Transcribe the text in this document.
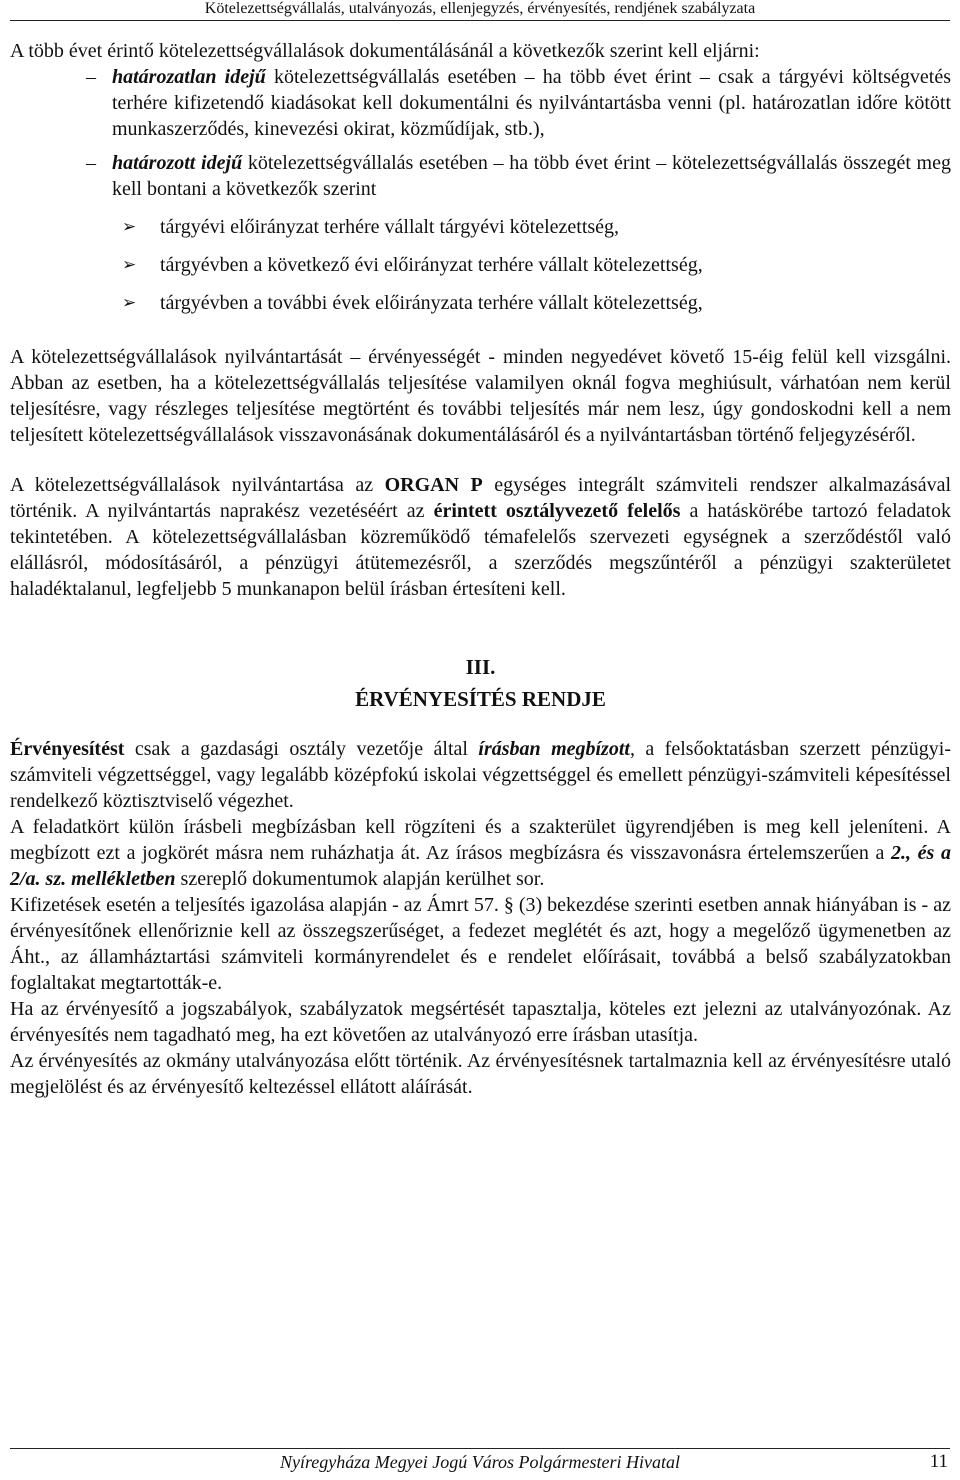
Kötelezettségvállalás, utalványozás, ellenjegyzés, érvényesítés, rendjének szabályzata

A több évet érintő kötelezettségvállalások dokumentálásánál a következők szerint kell eljárni:

– határozatlan idejű kötelezettségvállalás esetében – ha több évet érint – csak a tárgyévi költségvetés terhére kifizetendő kiadásokat kell dokumentálni és nyilvántartásba venni (pl. határozatlan időre kötött munkaszerződés, kinevezési okirat, közműdíjak, stb.),
– határozott idejű kötelezettségvállalás esetében – ha több évet érint – kötelezettségvállalás összegét meg kell bontani a következők szerint
➢ tárgyévi előirányzat terhére vállalt tárgyévi kötelezettség,
➢ tárgyévben a következő évi előirányzat terhére vállalt kötelezettség,
➢ tárgyévben a további évek előirányzata terhére vállalt kötelezettség,

A kötelezettségvállalások nyilvántartását – érvényességét - minden negyedévet követő 15-éig felül kell vizsgálni. Abban az esetben, ha a kötelezettségvállalás teljesítése valamilyen oknál fogva meghiúsult, várhatóan nem kerül teljesítésre, vagy részleges teljesítése megtörtént és további teljesítés már nem lesz, úgy gondoskodni kell a nem teljesített kötelezettségvállalások visszavonásának dokumentálásáról és a nyilvántartásban történő feljegyzéséről.

A kötelezettségvállalások nyilvántartása az ORGAN P egységes integrált számviteli rendszer alkalmazásával történik. A nyilvántartás naprakész vezetéséért az érintett osztályvezető felelős a hatáskörébe tartozó feladatok tekintetében. A kötelezettségvállalásban közreműködő témafelelős szervezeti egységnek a szerződéstől való elállásról, módosításáról, a pénzügyi átütemezésről, a szerződés megszűntéről a pénzügyi szakterületet haladéktalanul, legfeljebb 5 munkanapon belül írásban értesíteni kell.

III.
ÉRVÉNYESÍTÉS RENDJE

Érvényesítést csak a gazdasági osztály vezetője által írásban megbízott, a felsőoktatásban szerzett pénzügyi-számviteli végzettséggel, vagy legalább középfokú iskolai végzettséggel és emellett pénzügyi-számviteli képesítéssel rendelkező köztisztviselő végezhet.

A feladatkört külön írásbeli megbízásban kell rögzíteni és a szakterület ügyrendjében is meg kell jeleníteni. A megbízott ezt a jogkörét másra nem ruházhatja át. Az írásos megbízásra és visszavonásra értelemszerűen a 2., és a 2/a. sz. mellékletben szereplő dokumentumok alapján kerülhet sor.

Kifizetések esetén a teljesítés igazolása alapján - az Ámrt 57. § (3) bekezdése szerinti esetben annak hiányában is - az érvényesítőnek ellenőriznie kell az összegszerűséget, a fedezet meglétét és azt, hogy a megelőző ügymenetben az Áht., az államháztartási számviteli kormányrendelet és e rendelet előírásait, továbbá a belső szabályzatokban foglaltakat megtartották-e.

Ha az érvényesítő a jogszabályok, szabályzatok megsértését tapasztalja, köteles ezt jelezni az utalványozónak. Az érvényesítés nem tagadható meg, ha ezt követően az utalványozó erre írásban utasítja.

Az érvényesítés az okmány utalványozása előtt történik. Az érvényesítésnek tartalmaznia kell az érvényesítésre utaló megjelölést és az érvényesítő keltezéssel ellátott aláírását.

Nyíregyháza Megyei Jogú Város Polgármesteri Hivatal	11
